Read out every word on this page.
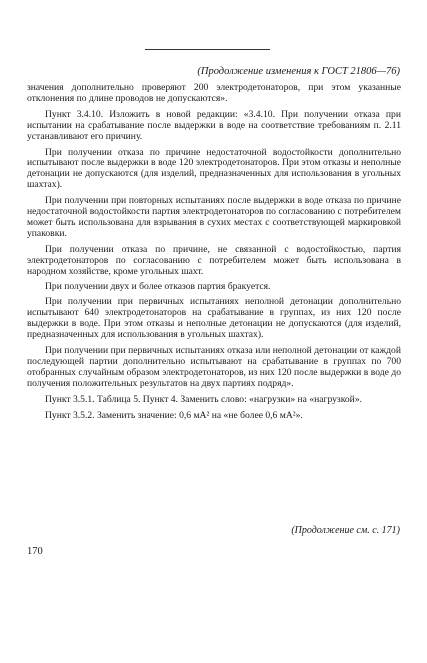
(Продолжение изменения к ГОСТ 21806—76)

значения дополнительно проверяют 200 электродетонаторов, при этом указанные отклонения по длине проводов не допускаются».

Пункт 3.4.10. Изложить в новой редакции: «3.4.10. При получении отказа при испытании на срабатывание после выдержки в воде на соответствие требованиям п. 2.11 устанавливают его причину.

При получении отказа по причине недостаточной водостойкости дополнительно испытывают после выдержки в воде 120 электродетонаторов. При этом отказы и неполные детонации не допускаются (для изделий, предназначенных для использования в угольных шахтах).

При получении при повторных испытаниях после выдержки в воде отказа по причине недостаточной водостойкости партия электродетонаторов по согласованию с потребителем может быть использована для взрывания в сухих местах с соответствующей маркировкой упаковки.

При получении отказа по причине, не связанной с водостойкостью, партия электродетонаторов по согласованию с потребителем может быть использована в народном хозяйстве, кроме угольных шахт.

При получении двух и более отказов партия бракуется.

При получении при первичных испытаниях неполной детонации дополнительно испытывают 640 электродетонаторов на срабатывание в группах, из них 120 после выдержки в воде. При этом отказы и неполные детонации не допускаются (для изделий, предназначенных для использования в угольных шахтах).

При получении при первичных испытаниях отказа или неполной детонации от каждой последующей партии дополнительно испытывают на срабатывание в группах по 700 отобранных случайным образом электродетонаторов, из них 120 после выдержки в воде до получения положительных результатов на двух партиях подряд».

Пункт 3.5.1. Таблица 5. Пункт 4. Заменить слово: «нагрузки» на «нагрузкой».

Пункт 3.5.2. Заменить значение: 0,6 мА² на «не более 0,6 мА²».

(Продолжение см. с. 171)
170
